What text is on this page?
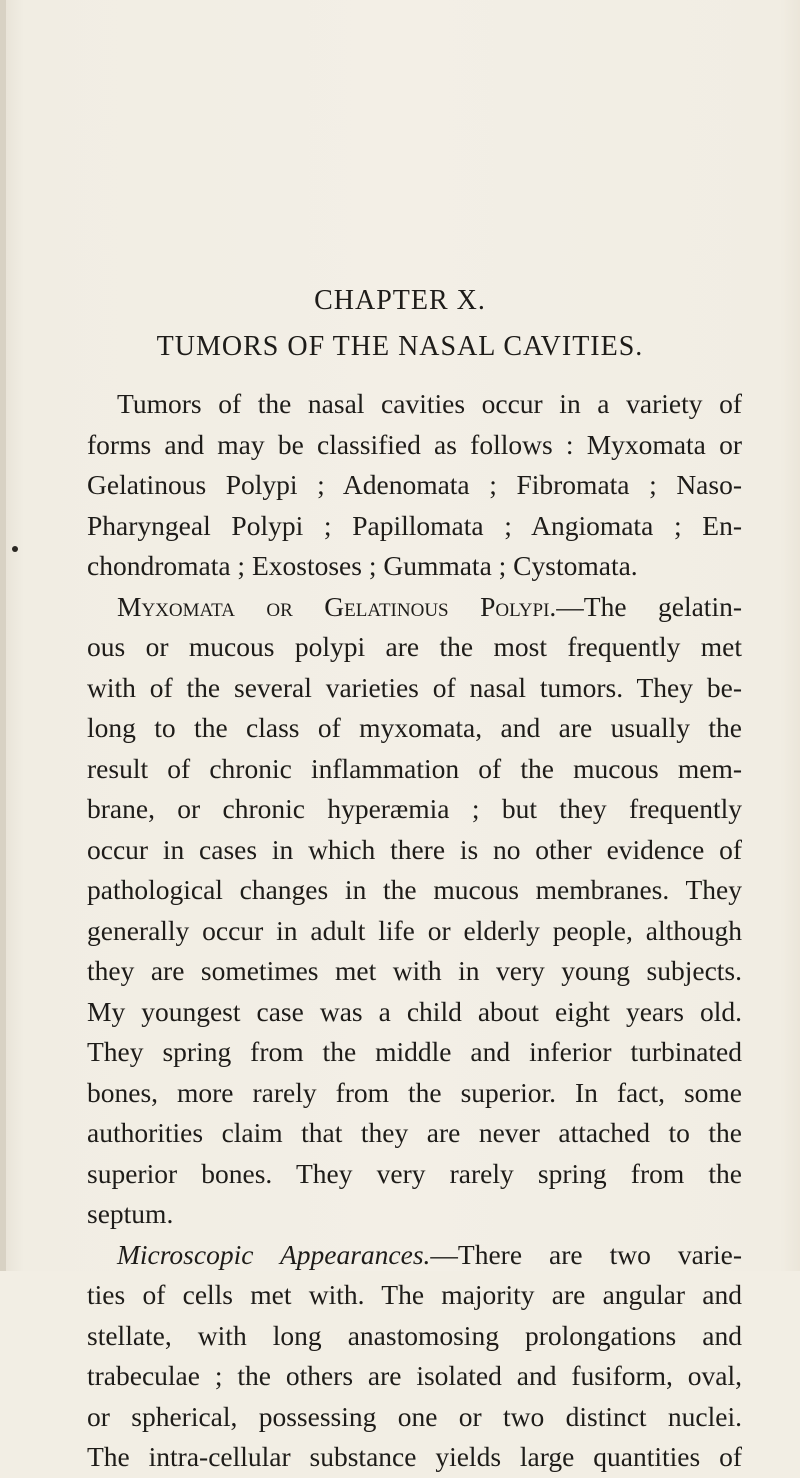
CHAPTER X.
TUMORS OF THE NASAL CAVITIES.
Tumors of the nasal cavities occur in a variety of
forms and may be classified as follows : Myxomata or
Gelatinous Polypi ; Adenomata ; Fibromata ; Naso-
Pharyngeal Polypi ; Papillomata ; Angiomata ; En-
chondromata ; Exostoses ; Gummata ; Cystomata.
Myxomata or Gelatinous Polypi.—The gelatin-
ous or mucous polypi are the most frequently met
with of the several varieties of nasal tumors. They be-
long to the class of myxomata, and are usually the
result of chronic inflammation of the mucous mem-
brane, or chronic hyperæmia ; but they frequently
occur in cases in which there is no other evidence of
pathological changes in the mucous membranes. They
generally occur in adult life or elderly people, although
they are sometimes met with in very young subjects.
My youngest case was a child about eight years old.
They spring from the middle and inferior turbinated
bones, more rarely from the superior. In fact, some
authorities claim that they are never attached to the
superior bones. They very rarely spring from the
septum.
Microscopic Appearances.—There are two varie-
ties of cells met with. The majority are angular and
stellate, with long anastomosing prolongations and
trabeculae ; the others are isolated and fusiform, oval,
or spherical, possessing one or two distinct nuclei.
The intra-cellular substance yields large quantities of
